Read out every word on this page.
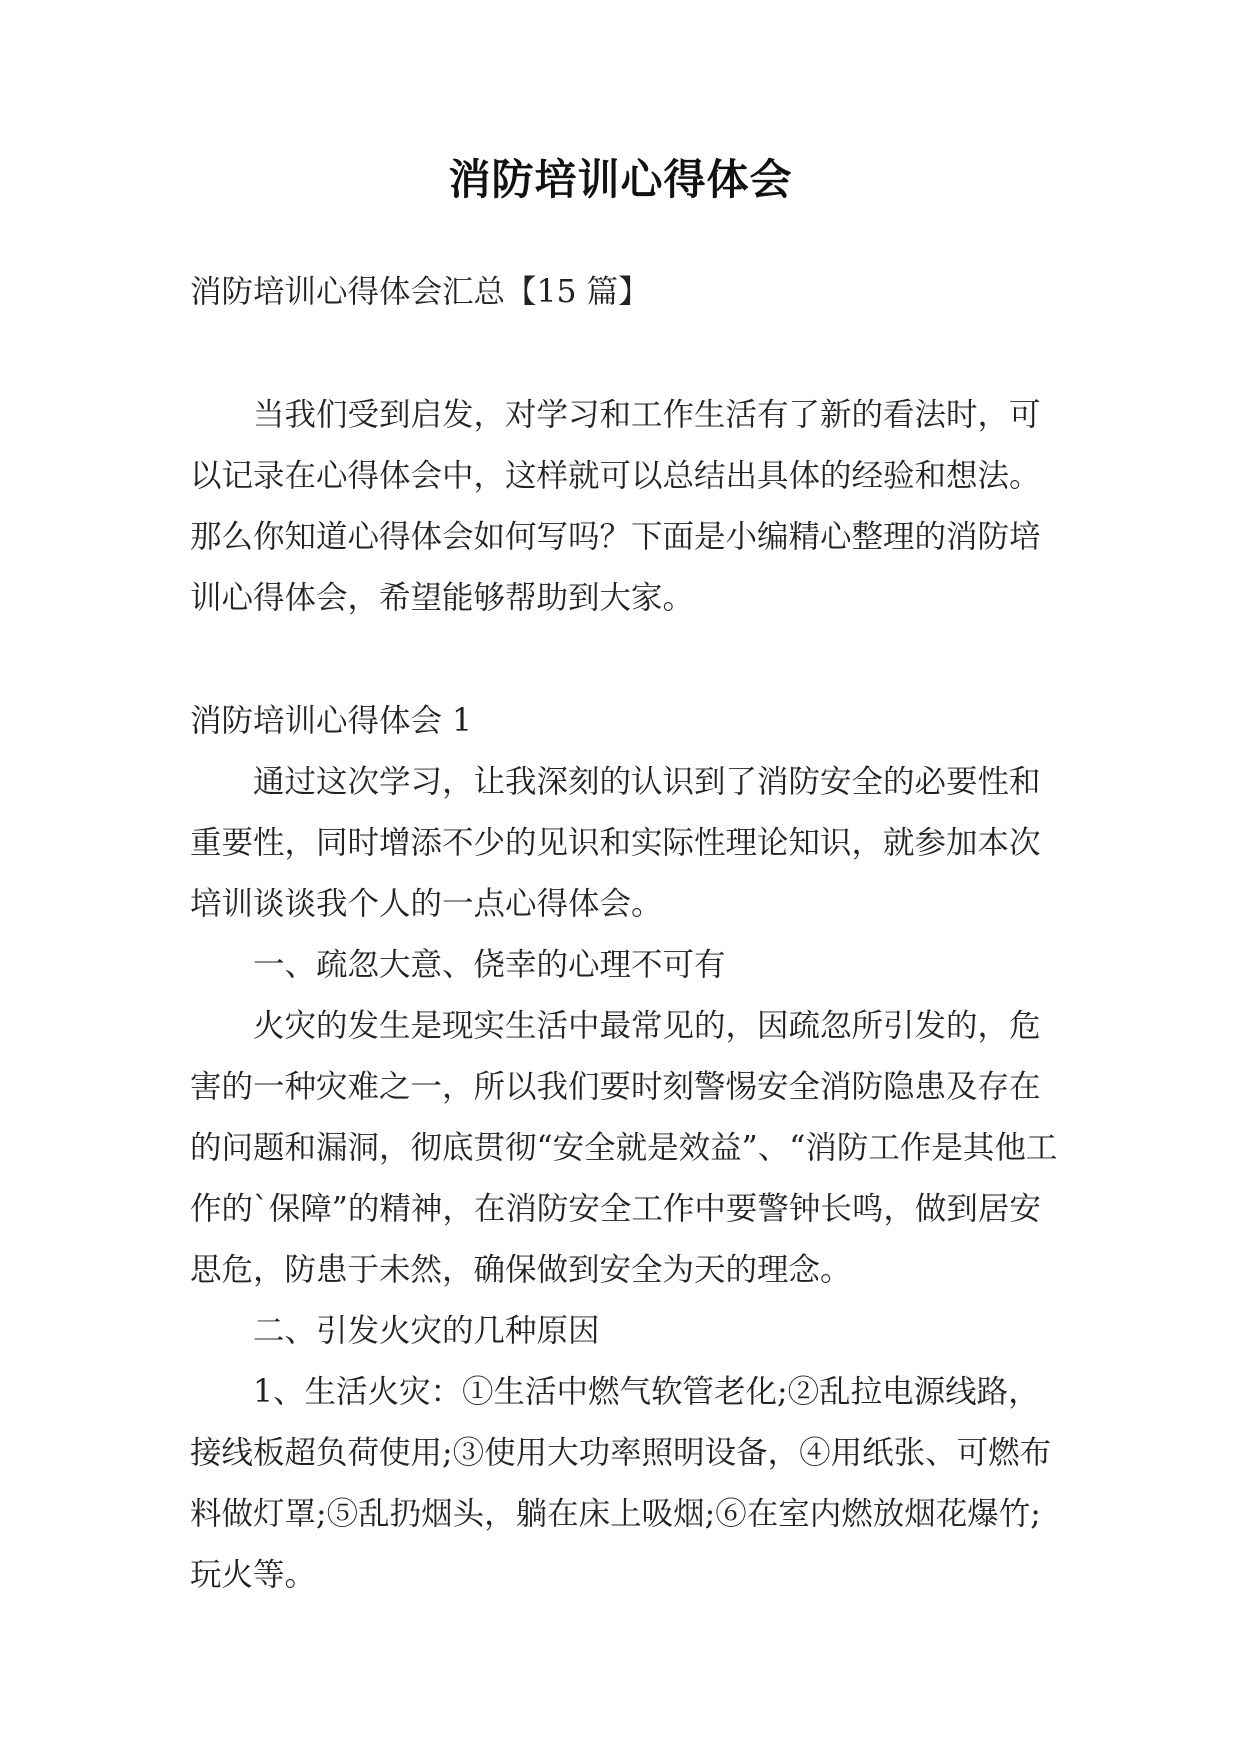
消防培训心得体会

消防培训心得体会汇总【15 篇】

当我们受到启发，对学习和工作生活有了新的看法时，可以记录在心得体会中，这样就可以总结出具体的经验和想法。那么你知道心得体会如何写吗？下面是小编精心整理的消防培训心得体会，希望能够帮助到大家。

消防培训心得体会 1

通过这次学习，让我深刻的认识到了消防安全的必要性和重要性，同时增添不少的见识和实际性理论知识，就参加本次培训谈谈我个人的一点心得体会。

一、疏忽大意、侥幸的心理不可有

火灾的发生是现实生活中最常见的，因疏忽所引发的，危害的一种灾难之一，所以我们要时刻警惕安全消防隐患及存在的问题和漏洞，彻底贯彻“安全就是效益”、“消防工作是其他工作的`保障”的精神，在消防安全工作中要警钟长鸣，做到居安思危，防患于未然，确保做到安全为天的理念。

二、引发火灾的几种原因

1、生活火灾：①生活中燃气软管老化;②乱拉电源线路，接线板超负荷使用;③使用大功率照明设备，④用纸张、可燃布料做灯罩;⑤乱扔烟头，躺在床上吸烟;⑥在室内燃放烟花爆竹;玩火等。
